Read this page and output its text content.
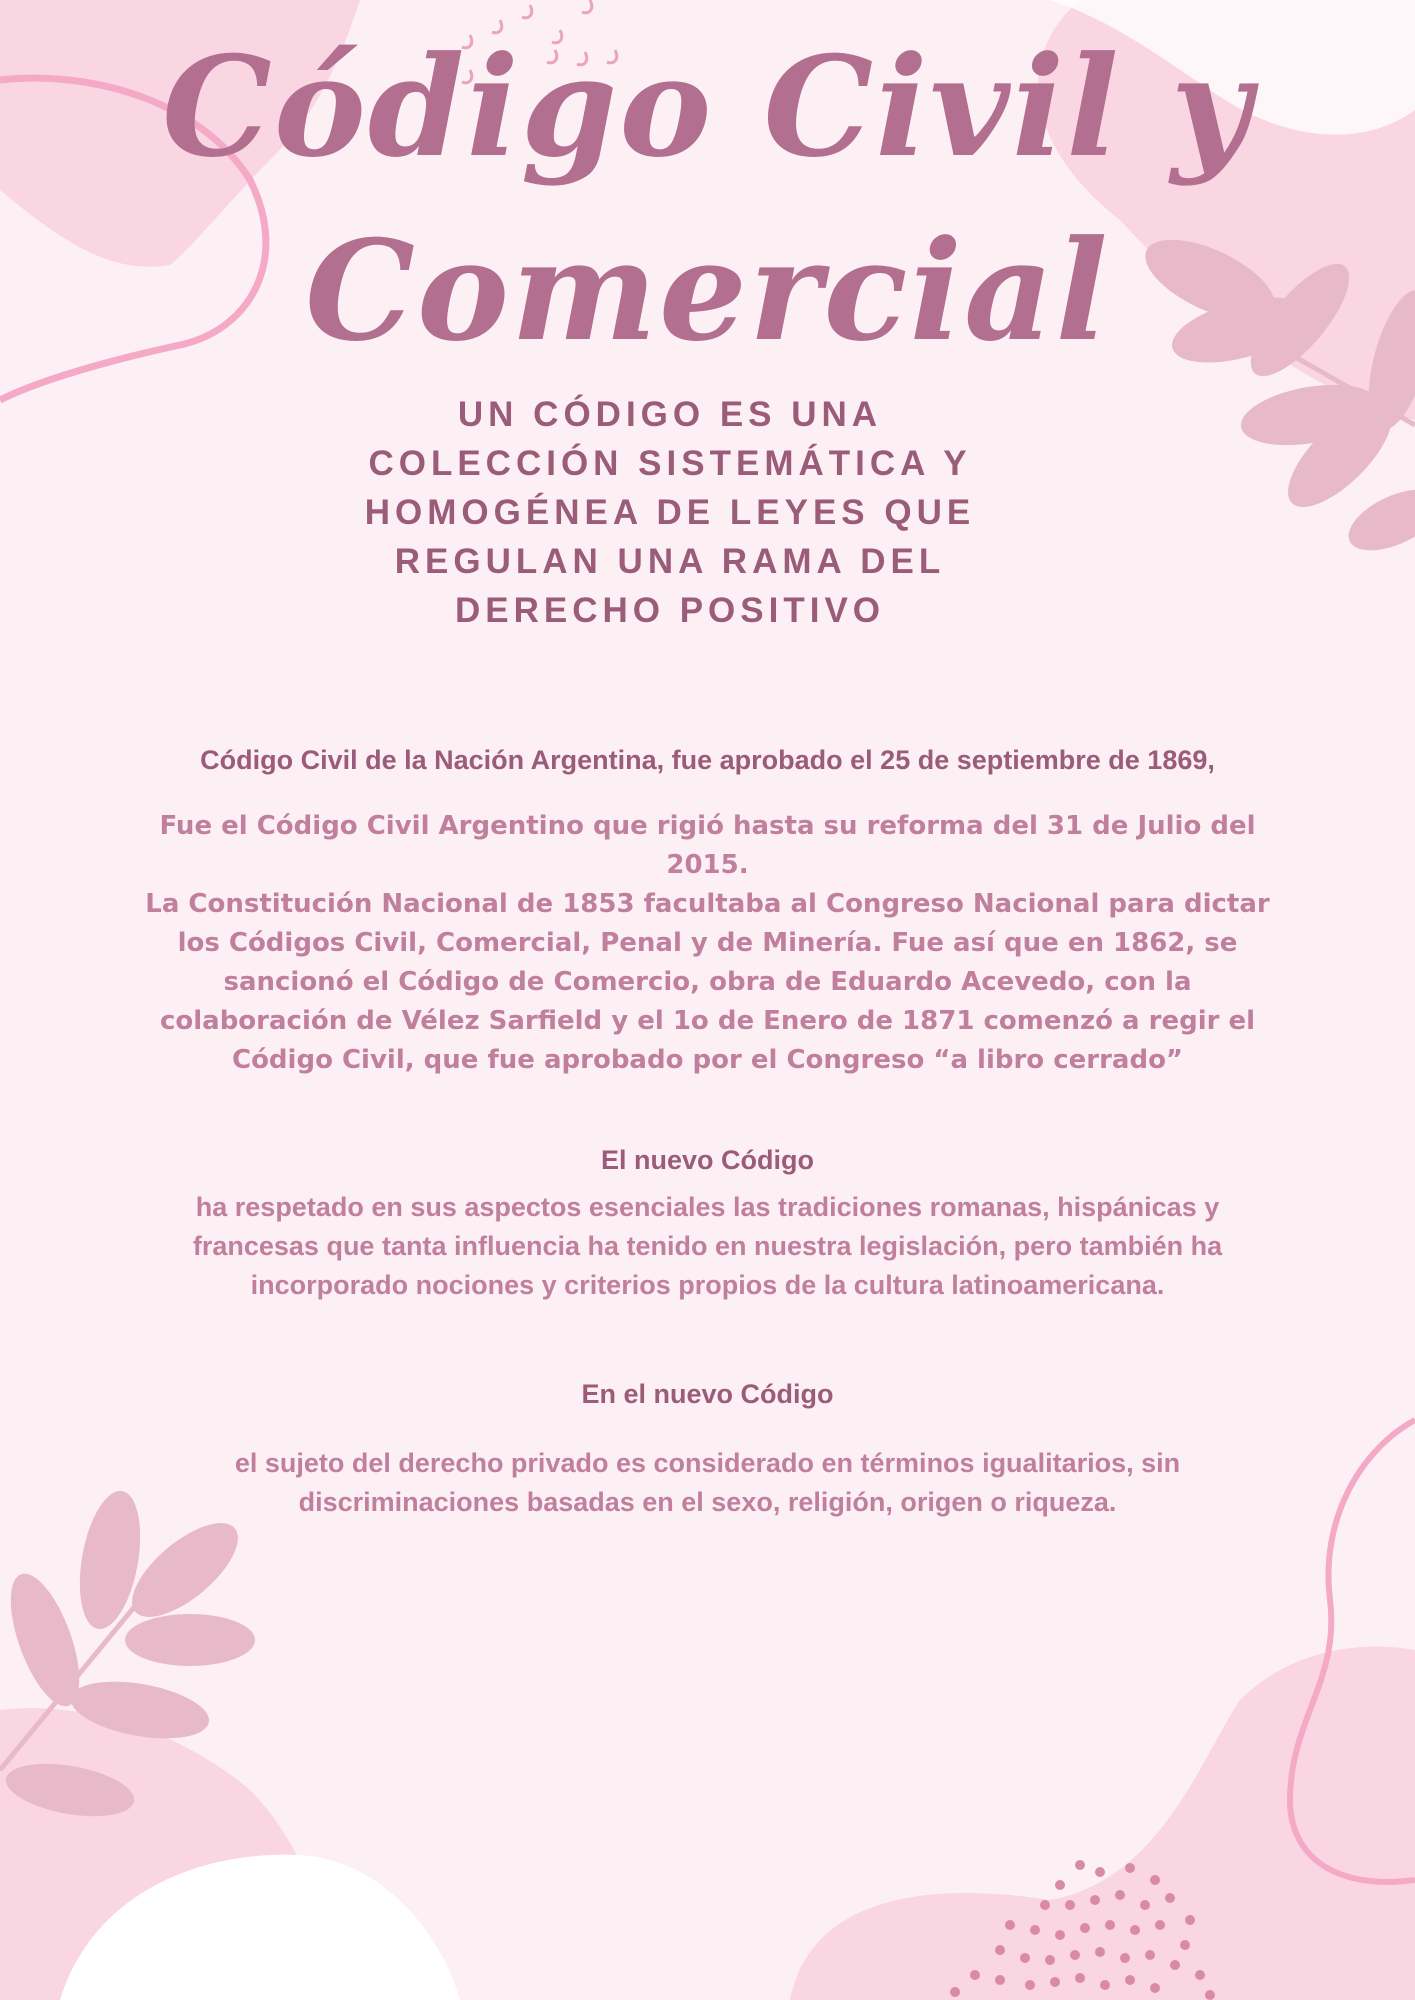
Código Civil y
Comercial
UN CÓDIGO ES UNA COLECCIÓN SISTEMÁTICA Y HOMOGÉNEA DE LEYES QUE REGULAN UNA RAMA DEL DERECHO POSITIVO
Código Civil de la Nación Argentina, fue aprobado el 25 de septiembre de 1869,
Fue el Código Civil Argentino que rigió hasta su reforma del 31 de Julio del 2015.
La Constitución Nacional de 1853 facultaba al Congreso Nacional para dictar los Códigos Civil, Comercial, Penal y de Minería. Fue así que en 1862, se sancionó el Código de Comercio, obra de Eduardo Acevedo, con la colaboración de Vélez Sarfield y el 1o de Enero de 1871 comenzó a regir el Código Civil, que fue aprobado por el Congreso “a libro cerrado”
El nuevo Código
ha respetado en sus aspectos esenciales las tradiciones romanas, hispánicas y francesas que tanta influencia ha tenido en nuestra legislación, pero también ha incorporado nociones y criterios propios de la cultura latinoamericana.
En el nuevo Código
el sujeto del derecho privado es considerado en términos igualitarios, sin discriminaciones basadas en el sexo, religión, origen o riqueza.
